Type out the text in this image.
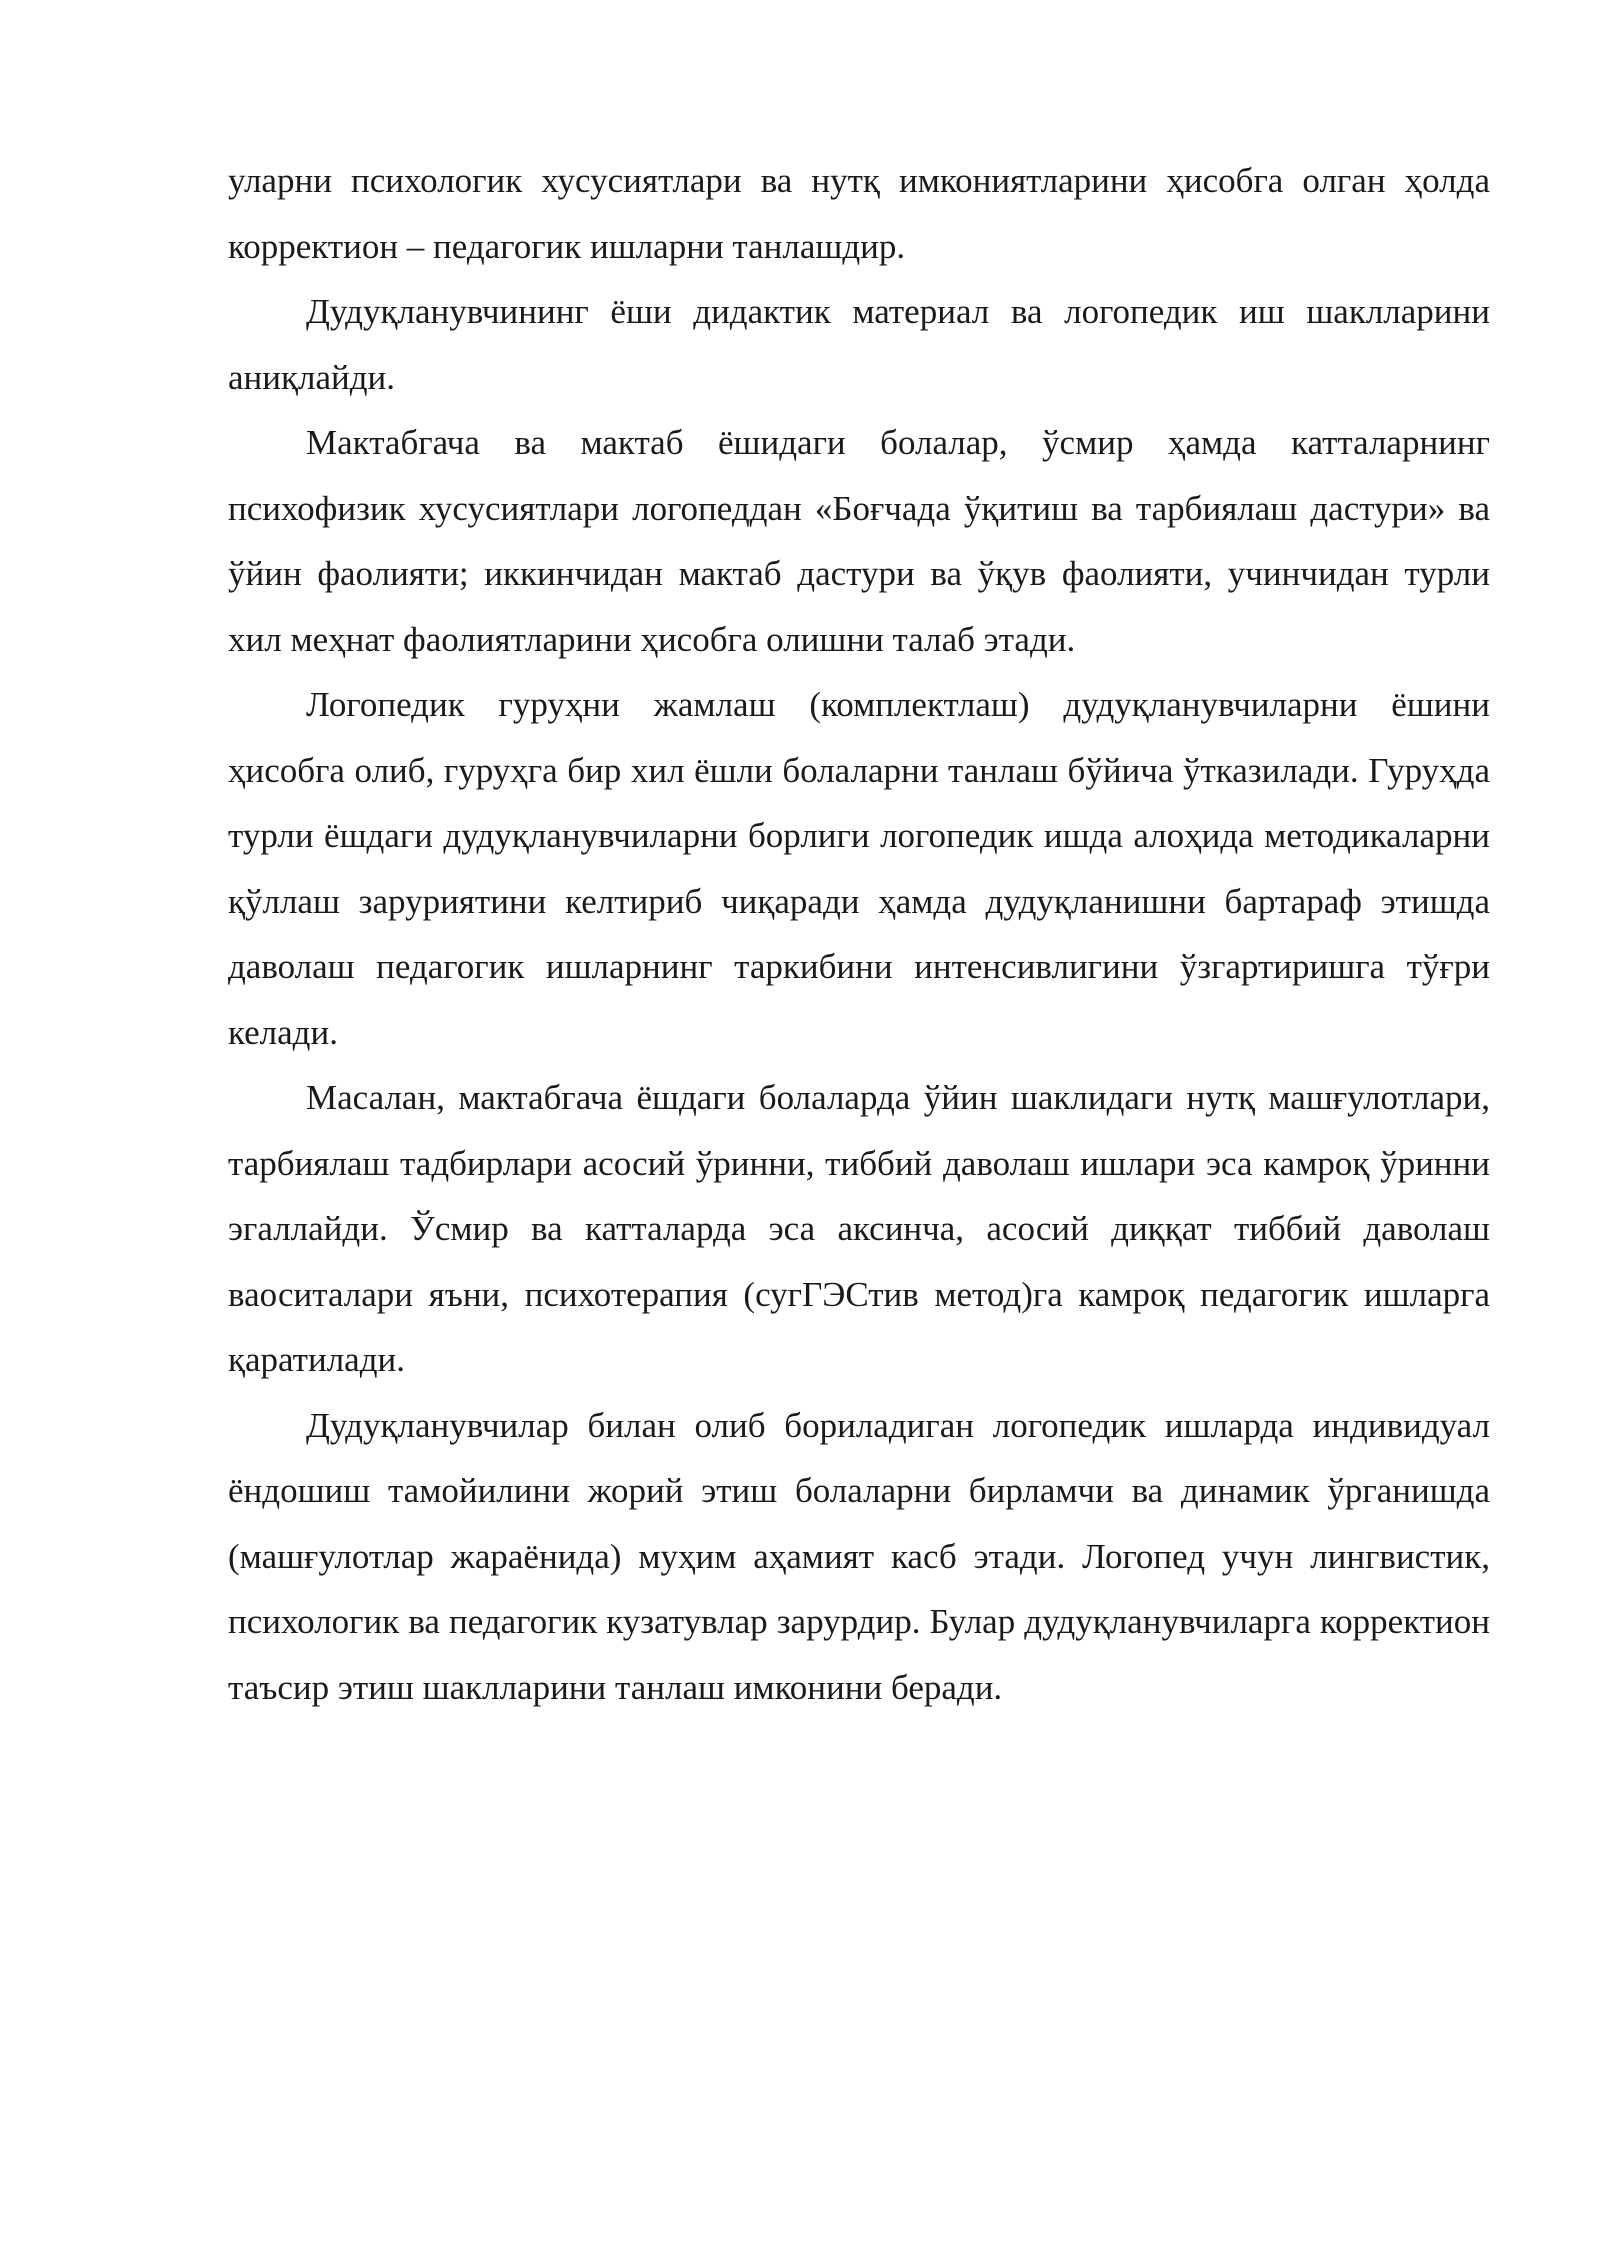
уларни психологик хусусиятлари ва нутқ имкониятларини ҳисобга олган ҳолда корректион – педагогик ишларни танлашдир.

Дудуқланувчининг ёши дидактик материал ва логопедик иш шаклларини аниқлайди.

Мактабгача ва мактаб ёшидаги болалар, ўсмир ҳамда катталарнинг психофизик хусусиятлари логопеддан «Боғчада ўқитиш ва тарбиялаш дастури» ва ўйин фаолияти; иккинчидан мактаб дастури ва ўқув фаолияти, учинчидан турли хил меҳнат фаолиятларини ҳисобга олишни талаб этади.

Логопедик гуруҳни жамлаш (комплектлаш) дудуқланувчиларни ёшини ҳисобга олиб, гуруҳга бир хил ёшли болаларни танлаш бўйича ўтказилади. Гуруҳда турли ёшдаги дудуқланувчиларни борлиги логопедик ишда алоҳида методикаларни қўллаш заруриятини келтириб чиқаради ҳамда дудуқланишни бартараф этишда даволаш педагогик ишларнинг таркибини интенсивлигини ўзгартиришга тўғри келади.

Масалан, мактабгача ёшдаги болаларда ўйин шаклидаги нутқ машғулотлари, тарбиялаш тадбирлари асосий ўринни, тиббий даволаш ишлари эса камроқ ўринни эгаллайди. Ўсмир ва катталарда эса аксинча, асосий диққат тиббий даволаш ваоситалари яъни, психотерапия (сугГЭСтив метод)га камроқ педагогик ишларга қаратилади.

Дудуқланувчилар билан олиб бориладиган логопедик ишларда индивидуал ёндошиш тамойилини жорий этиш болаларни бирламчи ва динамик ўрганишда (машғулотлар жараёнида) муҳим аҳамият касб этади. Логопед учун лингвистик, психологик ва педагогик кузатувлар зарурдир. Булар дудуқланувчиларга корректион таъсир этиш шаклларини танлаш имконини беради.
